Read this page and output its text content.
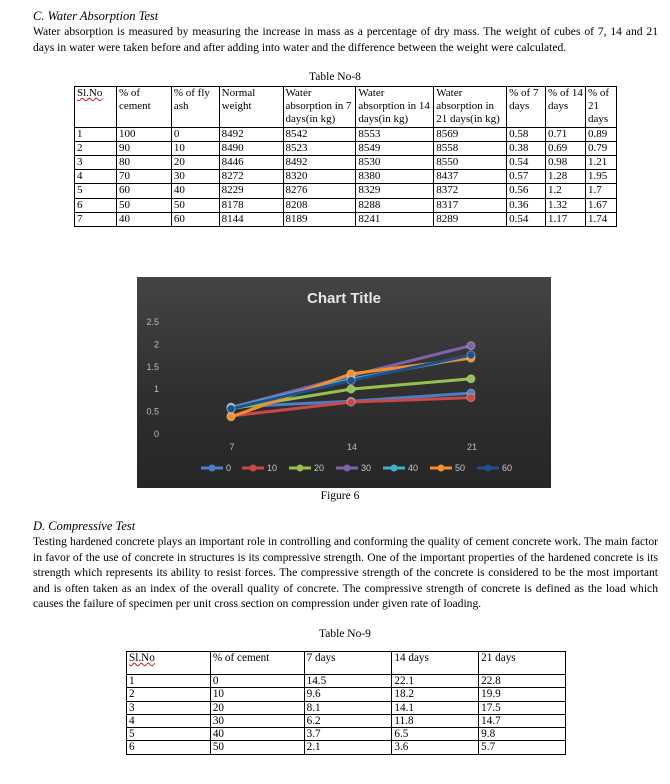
C. Water Absorption Test

Water absorption is measured by measuring the increase in mass as a percentage of dry mass. The weight of cubes of 7, 14 and 21 days in water were taken before and after adding into water and the difference between the weight were calculated.

Table No-8
Sl.No	% of cement	% of fly ash	Normal weight	Water absorption in 7 days(in kg)	Water absorption in 14 days(in kg)	Water absorption in 21 days(in kg)	% of 7 days	% of 14 days	% of 21 days
1	100	0	8492	8542	8553	8569	0.58	0.71	0.89
2	90	10	8490	8523	8549	8558	0.38	0.69	0.79
3	80	20	8446	8492	8530	8550	0.54	0.98	1.21
4	70	30	8272	8320	8380	8437	0.57	1.28	1.95
5	60	40	8229	8276	8329	8372	0.56	1.2	1.7
6	50	50	8178	8208	8288	8317	0.36	1.32	1.67
7	40	60	8144	8189	8241	8289	0.54	1.17	1.74
Chart Title
0
0.5
1
1.5
2
2.5
7	14	21
0	10	20	30	40	50	60
Figure 6
D. Compressive Test

Testing hardened concrete plays an important role in controlling and conforming the quality of cement concrete work. The main factor in favor of the use of concrete in structures is its compressive strength. One of the important properties of the hardened concrete is its strength which represents its ability to resist forces. The compressive strength of the concrete is considered to be the most important and is often taken as an index of the overall quality of concrete. The compressive strength of concrete is defined as the load which causes the failure of specimen per unit cross section on compression under given rate of loading.

Table No-9
Sl.No	% of cement	7 days	14 days	21 days
1	0	14.5	22.1	22.8
2	10	9.6	18.2	19.9
3	20	8.1	14.1	17.5
4	30	6.2	11.8	14.7
5	40	3.7	6.5	9.8
6	50	2.1	3.6	5.7
